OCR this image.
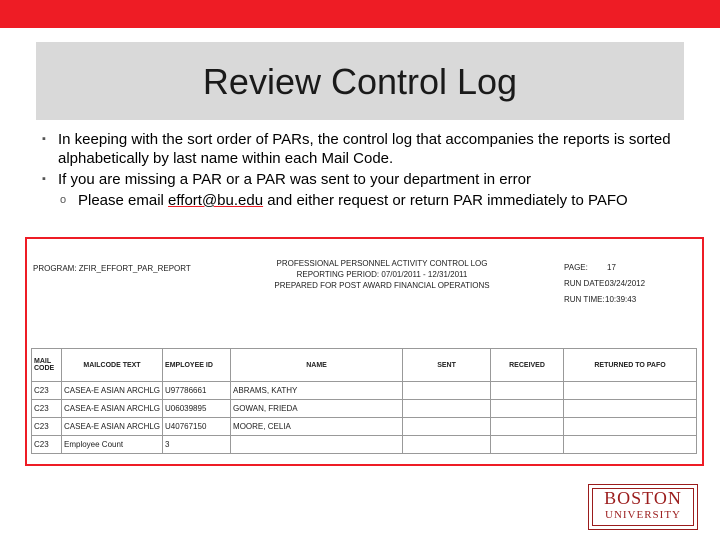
Review Control Log
▪ In keeping with the sort order of PARs, the control log that accompanies the reports is sorted alphabetically by last name within each Mail Code.
▪ If you are missing a PAR or a PAR was sent to your department in error
o Please email effort@bu.edu and either request or return PAR immediately to PAFO
PROGRAM: ZFIR_EFFORT_PAR_REPORT
PROFESSIONAL PERSONNEL ACTIVITY CONTROL LOG
REPORTING PERIOD: 07/01/2011 - 12/31/2011
PREPARED FOR POST AWARD FINANCIAL OPERATIONS
PAGE: 17
RUN DATE:
03/24/2012
RUN TIME: 10:39:43
MAIL CODE	MAILCODE TEXT	EMPLOYEE ID	NAME	SENT	RECEIVED	RETURNED TO PAFO
C23	CASEA-E ASIAN ARCHLG	U97786661	ABRAMS, KATHY			
C23	CASEA-E ASIAN ARCHLG	U06039895	GOWAN, FRIEDA			
C23	CASEA-E ASIAN ARCHLG	U40767150	MOORE, CELIA			
C23	Employee Count	3				
BOSTON
UNIVERSITY
